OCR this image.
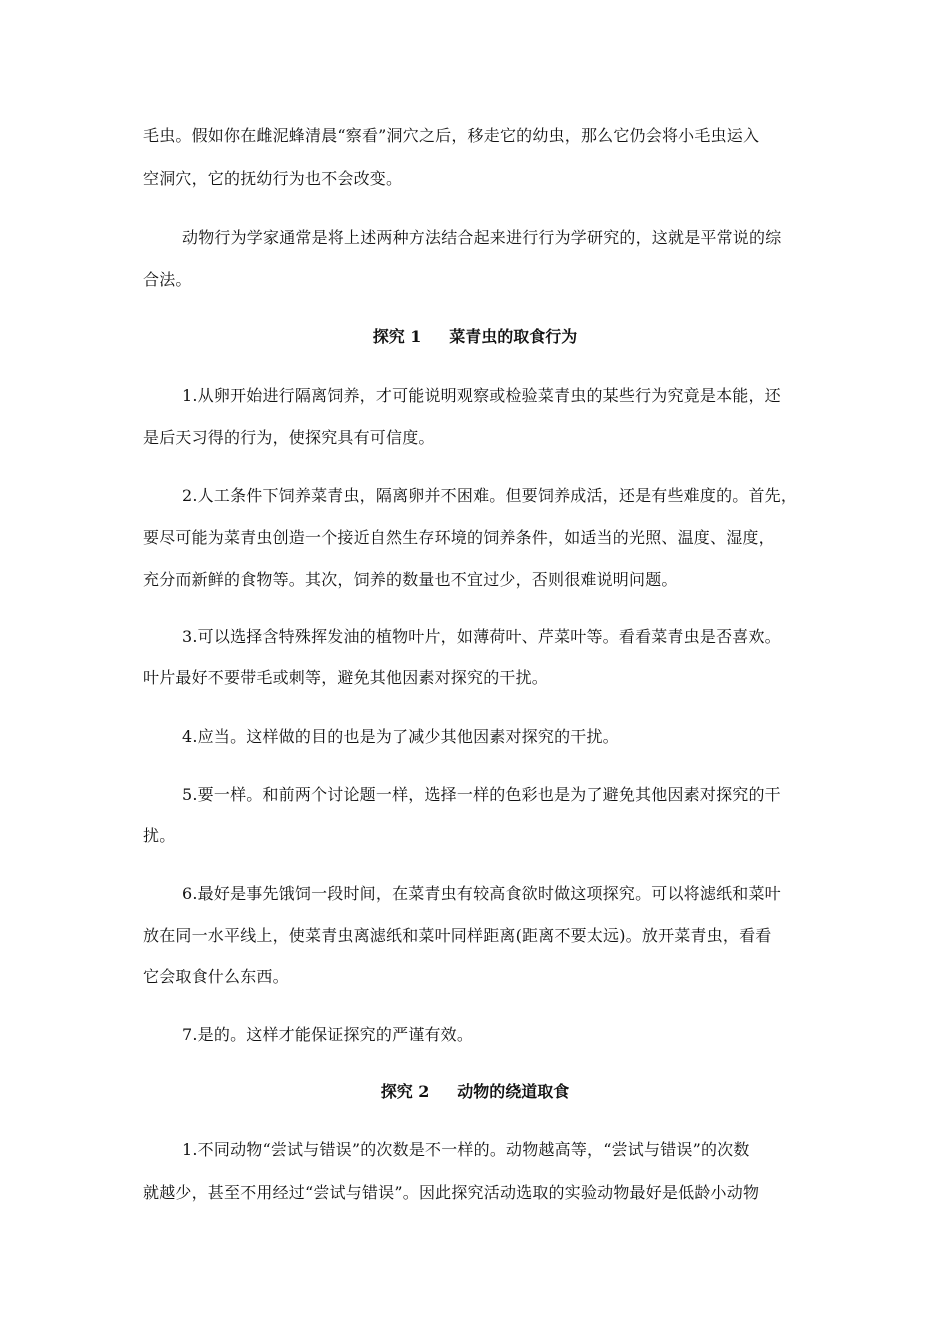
毛虫。假如你在雌泥蜂清晨“察看”洞穴之后，移走它的幼虫，那么它仍会将小毛虫运入
空洞穴，它的抚幼行为也不会改变。
动物行为学家通常是将上述两种方法结合起来进行行为学研究的，这就是平常说的综
合法。
探究 1     菜青虫的取食行为
1.从卵开始进行隔离饲养，才可能说明观察或检验菜青虫的某些行为究竟是本能，还
是后天习得的行为，使探究具有可信度。
2.人工条件下饲养菜青虫，隔离卵并不困难。但要饲养成活，还是有些难度的。首先，
要尽可能为菜青虫创造一个接近自然生存环境的饲养条件，如适当的光照、温度、湿度，
充分而新鲜的食物等。其次，饲养的数量也不宜过少，否则很难说明问题。
3.可以选择含特殊挥发油的植物叶片，如薄荷叶、芹菜叶等。看看菜青虫是否喜欢。
叶片最好不要带毛或刺等，避免其他因素对探究的干扰。
4.应当。这样做的目的也是为了减少其他因素对探究的干扰。
5.要一样。和前两个讨论题一样，选择一样的色彩也是为了避免其他因素对探究的干
扰。
6.最好是事先饿饲一段时间，在菜青虫有较高食欲时做这项探究。可以将滤纸和菜叶
放在同一水平线上，使菜青虫离滤纸和菜叶同样距离(距离不要太远)。放开菜青虫，看看
它会取食什么东西。
7.是的。这样才能保证探究的严谨有效。
探究 2     动物的绕道取食
1.不同动物“尝试与错误”的次数是不一样的。动物越高等，“尝试与错误”的次数
就越少，甚至不用经过“尝试与错误”。因此探究活动选取的实验动物最好是低龄小动物
